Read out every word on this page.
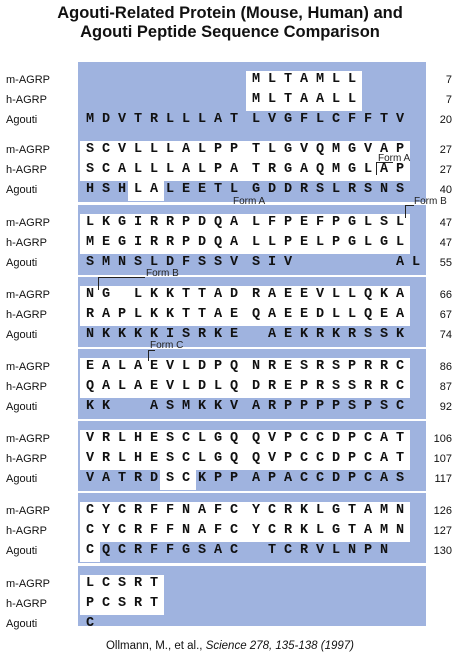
Agouti-Related Protein (Mouse, Human) and
Agouti Peptide Sequence Comparison
m-AGRP	M L T A M L L	7
h-AGRP	M L T A A L L	7
Agouti	M D V T R L L L A T L V G F L C F F T V	20
m-AGRP	S C V L L L A L P P T L G V Q M G V A P	27
h-AGRP	S C A L L L A L P A T R G A Q M G L A P	27
Agouti	H S H L A L E E T L G D D R S L R S N S	40
m-AGRP	L K G I R R P D Q A L F P E F P G L S L	47
h-AGRP	M E G I R R P D Q A L L P E L P G L G L	47
Agouti	S M N S L D F S S V S I V	A L	55
m-AGRP	N G L K K T T A D R A E E V L L Q K A	66
h-AGRP	R A P L K K T T A E Q A E E D L L Q E A	67
Agouti	N K K K K I S R K E A E K R K R S S K	74
m-AGRP	E A L A E V L D P Q N R E S R S P R R C	86
h-AGRP	Q A L A E V L D L Q D R E P R S S R R C	87
Agouti	K K	A S M K K V A R P P P P S P S C	92
m-AGRP	V R L H E S C L G Q Q V P C C D P C A T	106
h-AGRP	V R L H E S C L G Q Q V P C C D P C A T	107
Agouti	V A T R D S C K P P A P A C C D P C A S	117
m-AGRP	C Y C R F F N A F C Y C R K L G T A M N	126
h-AGRP	C Y C R F F N A F C Y C R K L G T A M N	127
Agouti	C Q C R F F G S A C T C R V L N P N	130
m-AGRP	L C S R T
h-AGRP	P C S R T
Agouti	C
Form A
Form A	Form B
Form B
Form C
Ollmann, M., et al., Science 278, 135-138 (1997)
